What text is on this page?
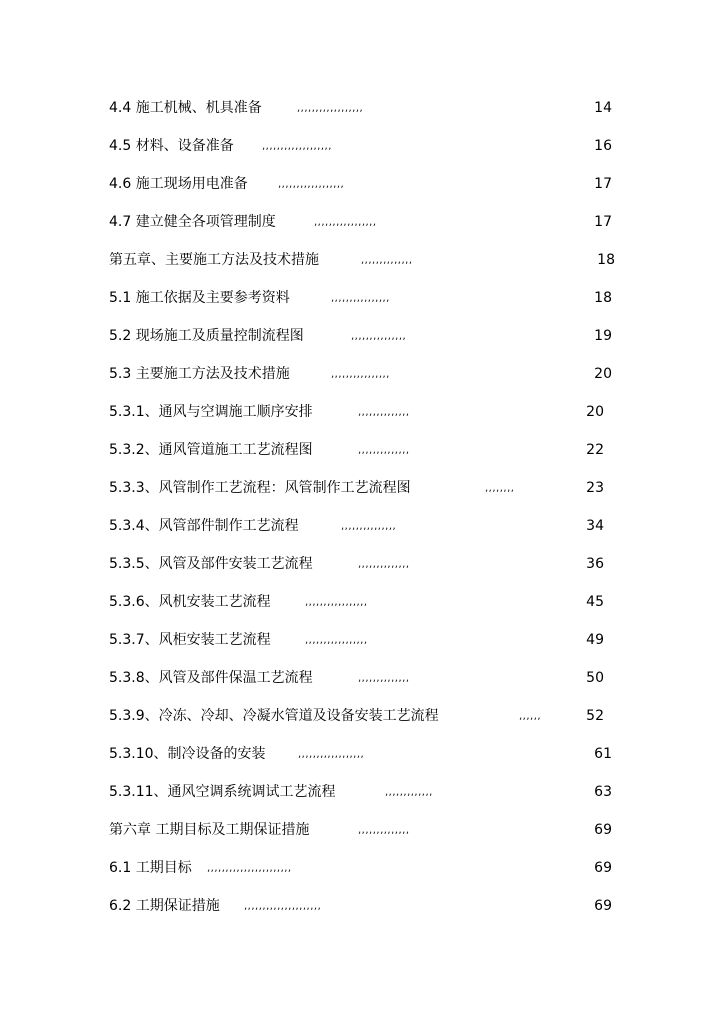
4.4 施工机械、机具准备	,,,,,,,,,,,,,,,,,,	14
4.5 材料、设备准备	,,,,,,,,,,,,,,,,,,,	16
4.6 施工现场用电准备	,,,,,,,,,,,,,,,,,,	17
4.7 建立健全各项管理制度	,,,,,,,,,,,,,,,,,	17
第五章、主要施工方法及技术措施	,,,,,,,,,,,,,,	18
5.1 施工依据及主要参考资料	,,,,,,,,,,,,,,,,	18
5.2 现场施工及质量控制流程图	,,,,,,,,,,,,,,,	19
5.3 主要施工方法及技术措施	,,,,,,,,,,,,,,,,	20
5.3.1、通风与空调施工顺序安排	,,,,,,,,,,,,,,	20
5.3.2、通风管道施工工艺流程图	,,,,,,,,,,,,,,	22
5.3.3、风管制作工艺流程：风管制作工艺流程图	,,,,,,,,	23
5.3.4、风管部件制作工艺流程	,,,,,,,,,,,,,,,	34
5.3.5、风管及部件安装工艺流程	,,,,,,,,,,,,,,	36
5.3.6、风机安装工艺流程	,,,,,,,,,,,,,,,,,	45
5.3.7、风柜安装工艺流程	,,,,,,,,,,,,,,,,,	49
5.3.8、风管及部件保温工艺流程	,,,,,,,,,,,,,,	50
5.3.9、冷冻、冷却、冷凝水管道及设备安装工艺流程	,,,,,,	52
5.3.10、制冷设备的安装	,,,,,,,,,,,,,,,,,,	61
5.3.11、通风空调系统调试工艺流程	,,,,,,,,,,,,,	63
第六章 工期目标及工期保证措施	,,,,,,,,,,,,,,	69
6.1 工期目标 ,,,,,,,,,,,,,,,,,,,,,,,	69
6.2 工期保证措施 ,,,,,,,,,,,,,,,,,,,,,	69
